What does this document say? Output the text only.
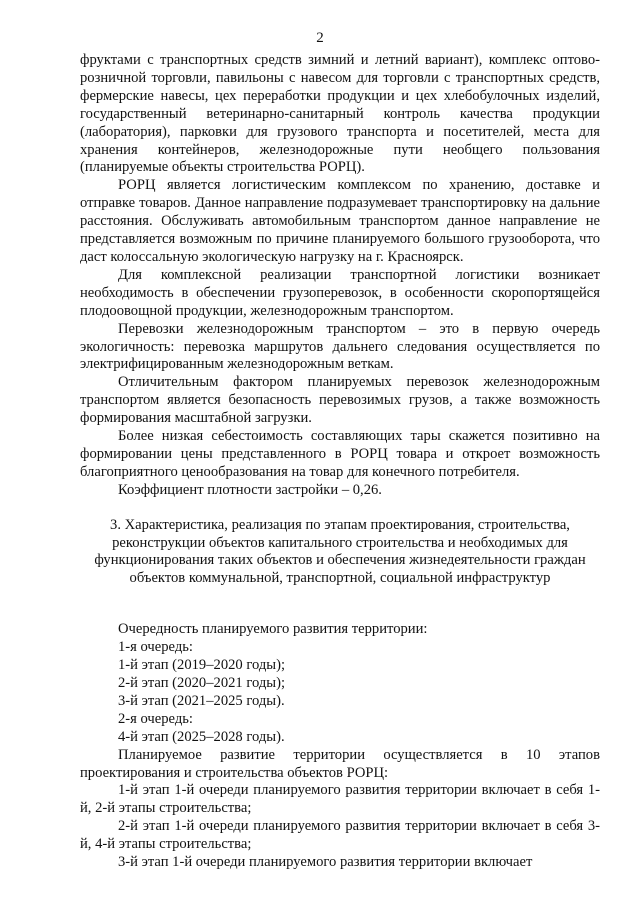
2

фруктами с транспортных средств зимний и летний вариант), комплекс оптово-розничной торговли, павильоны с навесом для торговли с транспортных средств, фермерские навесы, цех переработки продукции и цех хлебобулочных изделий, государственный ветеринарно-санитарный контроль качества продукции (лаборатория), парковки для грузового транспорта и посетителей, места для хранения контейнеров, железнодорожные пути необщего пользования (планируемые объекты строительства РОРЦ).

РОРЦ является логистическим комплексом по хранению, доставке и отправке товаров. Данное направление подразумевает транспортировку на дальние расстояния. Обслуживать автомобильным транспортом данное направление не представляется возможным по причине планируемого большого грузооборота, что даст колоссальную экологическую нагрузку на г. Красноярск.

Для комплексной реализации транспортной логистики возникает необходимость в обеспечении грузоперевозок, в особенности скоропортящейся плодоовощной продукции, железнодорожным транспортом.

Перевозки железнодорожным транспортом – это в первую очередь экологичность: перевозка маршрутов дальнего следования осуществляется по электрифицированным железнодорожным веткам.

Отличительным фактором планируемых перевозок железнодорожным транспортом является безопасность перевозимых грузов, а также возможность формирования масштабной загрузки.

Более низкая себестоимость составляющих тары скажется позитивно на формировании цены представленного в РОРЦ товара и откроет возможность благоприятного ценообразования на товар для конечного потребителя.

Коэффициент плотности застройки – 0,26.

3. Характеристика, реализация по этапам проектирования, строительства, реконструкции объектов капитального строительства и необходимых для функционирования таких объектов и обеспечения жизнедеятельности граждан объектов коммунальной, транспортной, социальной инфраструктур

Очередность планируемого развития территории:

1-я очередь:

1-й этап (2019–2020 годы);

2-й этап (2020–2021 годы);

3-й этап (2021–2025 годы).

2-я очередь:

4-й этап (2025–2028 годы).

Планируемое развитие территории осуществляется в 10 этапов проектирования и строительства объектов РОРЦ:

1-й этап 1-й очереди планируемого развития территории включает в себя 1-й, 2-й этапы строительства;

2-й этап 1-й очереди планируемого развития территории включает в себя 3-й, 4-й этапы строительства;

3-й этап 1-й очереди планируемого развития территории включает
